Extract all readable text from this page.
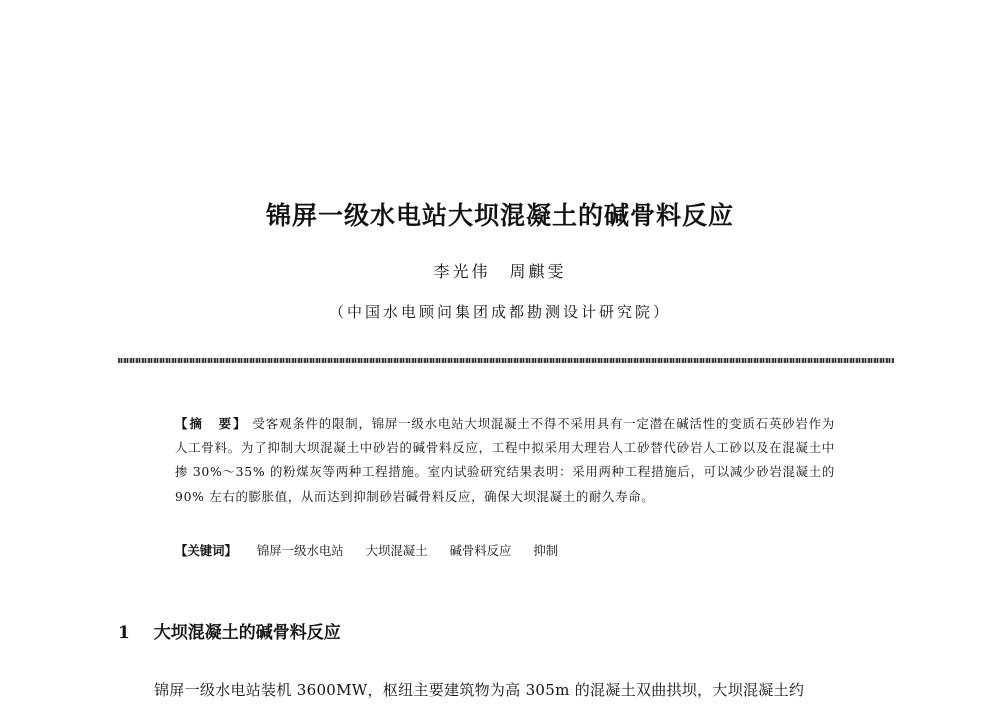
锦屏一级水电站大坝混凝土的碱骨料反应
李光伟　周麒雯
（中国水电顾问集团成都勘测设计研究院）
【摘　要】 受客观条件的限制，锦屏一级水电站大坝混凝土不得不采用具有一定潜在碱活性的变质石英砂岩作为人工骨料。为了抑制大坝混凝土中砂岩的碱骨料反应，工程中拟采用大理岩人工砂替代砂岩人工砂以及在混凝土中掺 30%～35% 的粉煤灰等两种工程措施。室内试验研究结果表明：采用两种工程措施后，可以减少砂岩混凝土的 90% 左右的膨胀值，从而达到抑制砂岩碱骨料反应，确保大坝混凝土的耐久寿命。
【关键词】 锦屏一级水电站 大坝混凝土 碱骨料反应 抑制
1 大坝混凝土的碱骨料反应
锦屏一级水电站装机 3600MW，枢纽主要建筑物为高 305m 的混凝土双曲拱坝，大坝混凝土约
